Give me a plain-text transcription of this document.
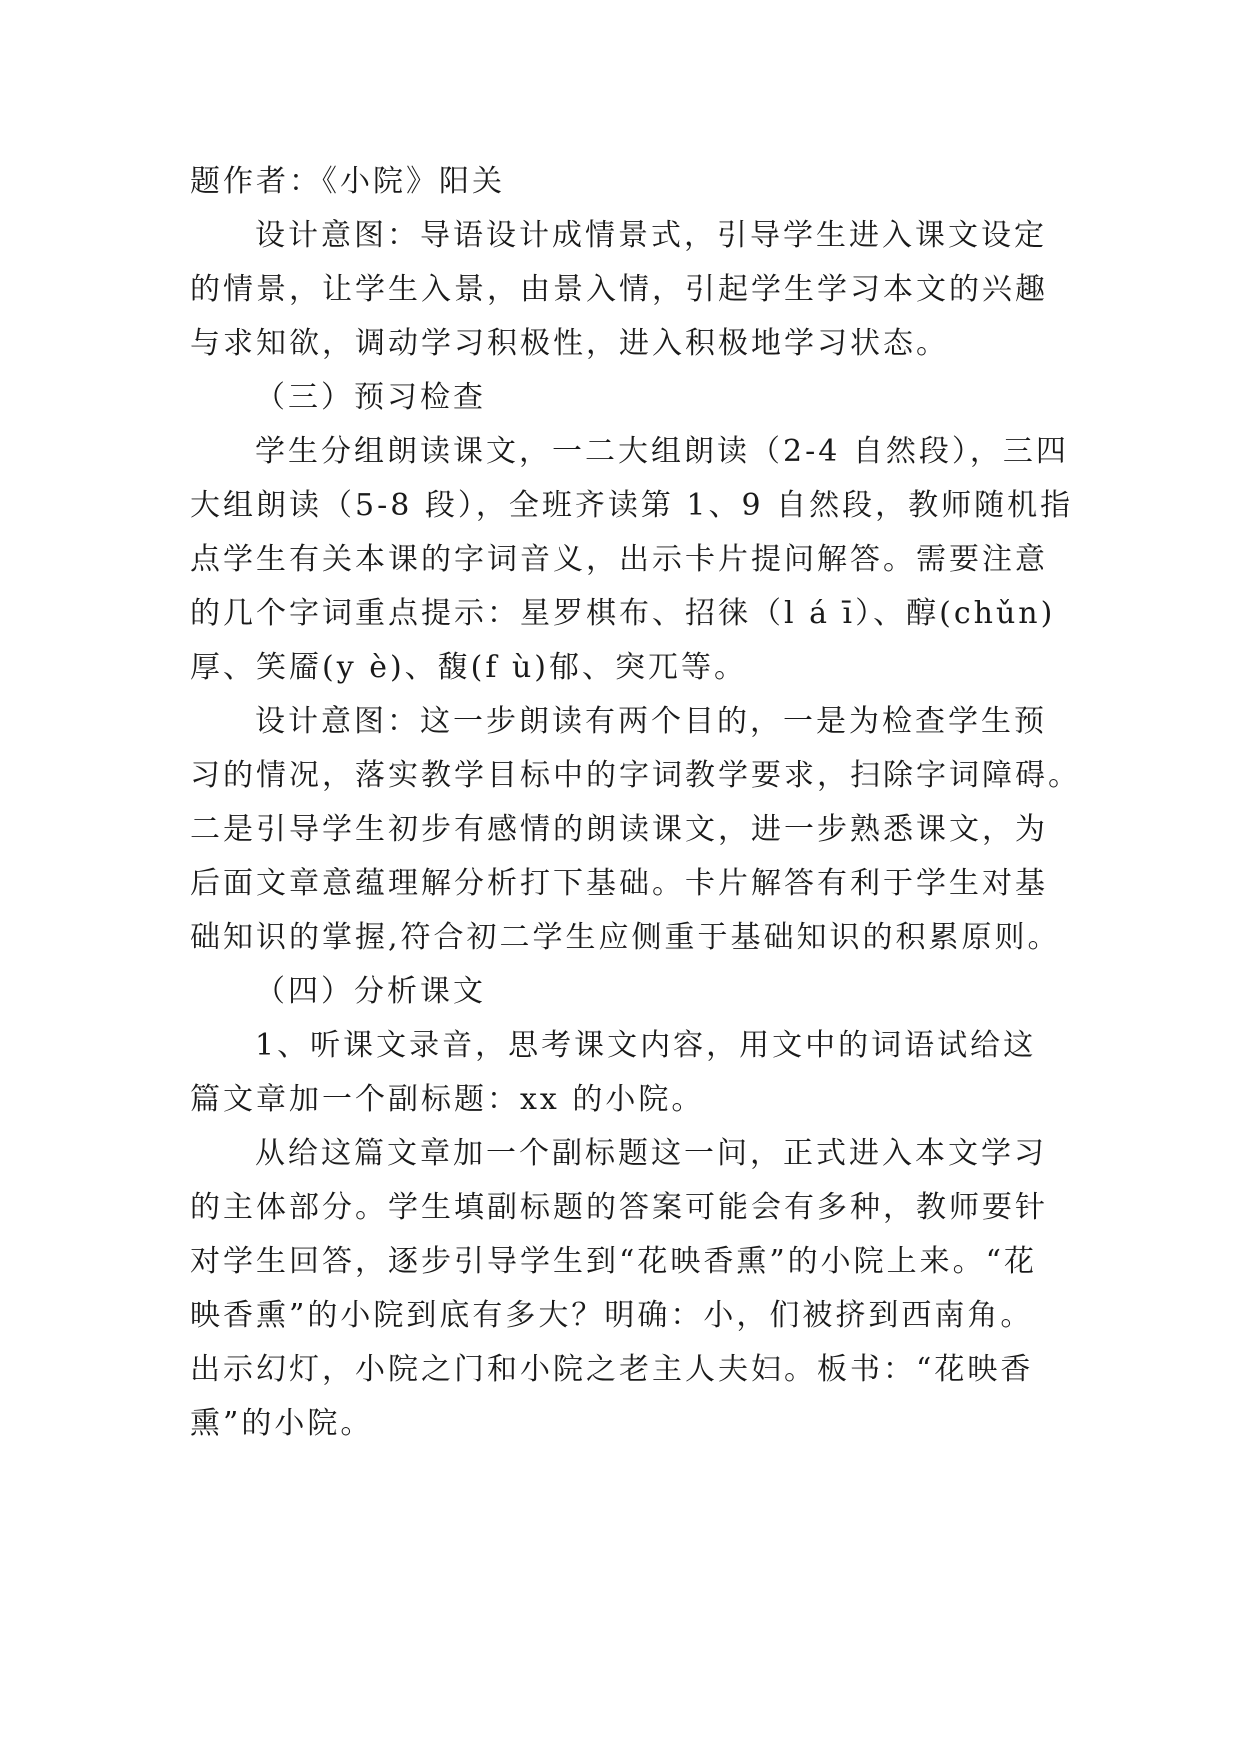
题作者：《小院》阳关
设计意图：导语设计成情景式，引导学生进入课文设定
的情景，让学生入景，由景入情，引起学生学习本文的兴趣
与求知欲，调动学习积极性，进入积极地学习状态。
（三）预习检查
学生分组朗读课文，一二大组朗读（2-4 自然段），三四
大组朗读（5-8 段），全班齐读第 1、9 自然段，教师随机指
点学生有关本课的字词音义，出示卡片提问解答。需要注意
的几个字词重点提示：星罗棋布、招徕（l á ī）、醇(chǔn)
厚、笑靥(y è)、馥(f ù)郁、突兀等。
设计意图：这一步朗读有两个目的，一是为检查学生预
习的情况，落实教学目标中的字词教学要求，扫除字词障碍。
二是引导学生初步有感情的朗读课文，进一步熟悉课文，为
后面文章意蕴理解分析打下基础。卡片解答有利于学生对基
础知识的掌握,符合初二学生应侧重于基础知识的积累原则。
（四）分析课文
1、听课文录音，思考课文内容，用文中的词语试给这
篇文章加一个副标题：xx 的小院。
从给这篇文章加一个副标题这一问，正式进入本文学习
的主体部分。学生填副标题的答案可能会有多种，教师要针
对学生回答，逐步引导学生到“花映香熏”的小院上来。“花
映香熏”的小院到底有多大？明确：小，们被挤到西南角。
出示幻灯，小院之门和小院之老主人夫妇。板书：“花映香
熏”的小院。
